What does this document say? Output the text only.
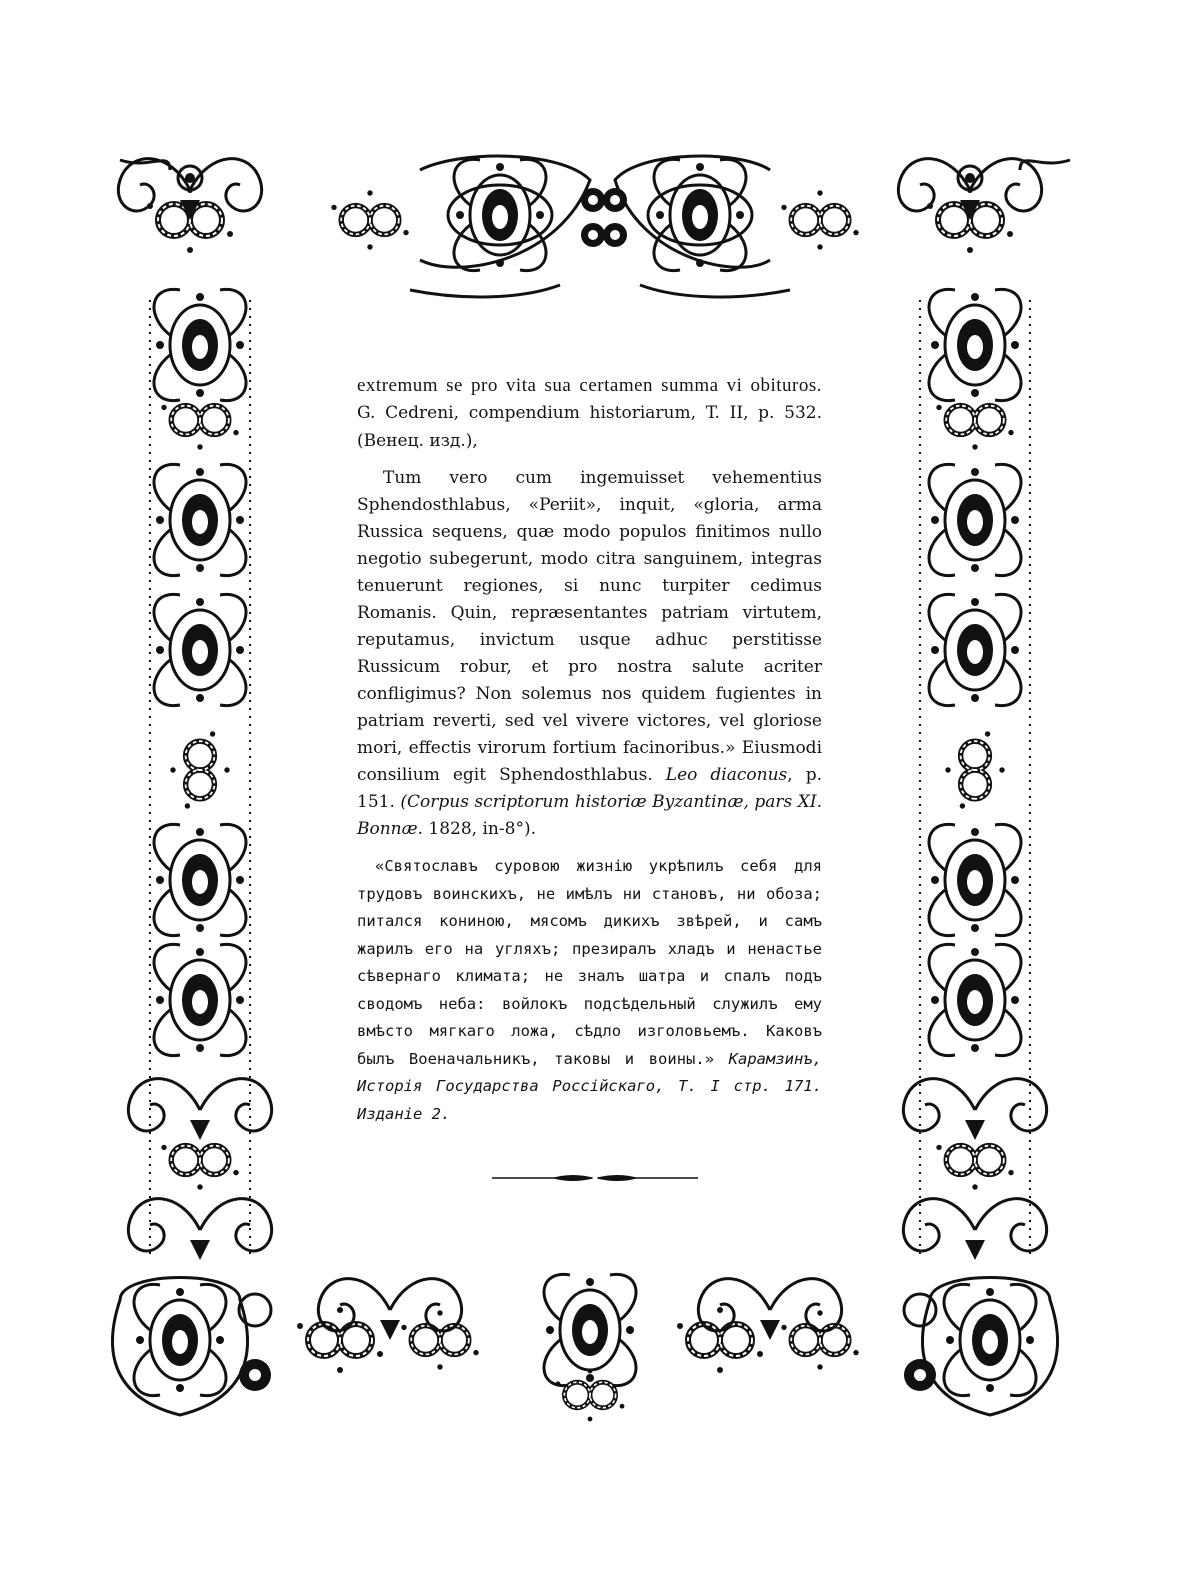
extremum se pro vita sua certamen summa vi obituros. G. Cedreni, compendium historiarum, T. II, p. 532. (Венец. изд.),

Tum vero cum ingemuisset vehementius Sphendosthlabus, «Periit», inquit, «gloria, arma Russica sequens, quæ modo populos finitimos nullo negotio subegerunt, modo citra sanguinem, integras tenuerunt regiones, si nunc turpiter cedimus Romanis. Quin, repræsentantes patriam virtutem, reputamus, invictum usque adhuc perstitisse Russicum robur, et pro nostra salute acriter confligimus? Non solemus nos quidem fugientes in patriam reverti, sed vel vivere victores, vel gloriose mori, effectis virorum fortium facinoribus.» Eiusmodi consilium egit Sphendosthlabus. Leo diaconus, p. 151. (Corpus scriptorum historiæ Byzantinæ, pars XI. Bonnæ. 1828, in-8°).

«Святославъ суровою жизнію укрѣпилъ себя для трудовъ воинскихъ, не имѣлъ ни становъ, ни обоза; питался кониною, мясомъ дикихъ звѣрей, и самъ жарилъ его на угляхъ; презиралъ хладъ и ненастье сѣвернаго климата; не зналъ шатра и спалъ подъ сводомъ неба: войлокъ подсѣдельный служилъ ему вмѣсто мягкаго ложа, сѣдло изголовьемъ. Каковъ былъ Военачальникъ, таковы и воины.» Карамзинъ, Исторія Государства Россійскаго, Т. I стр. 171. Изданіе 2.
